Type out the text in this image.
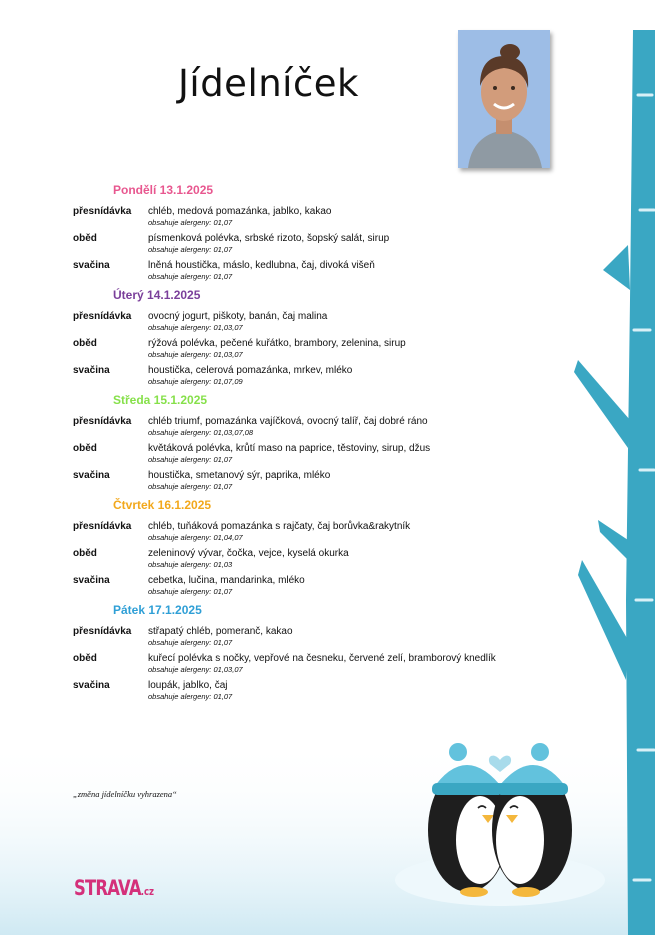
Jídelníček
Pondělí 13.1.2025
přesnídávka	chléb, medová pomazánka, jablko, kakao
obsahuje alergeny: 01,07
oběd	písmenková polévka, srbské rizoto, šopský salát, sirup
obsahuje alergeny: 01,07
svačina	lněná houstička, máslo, kedlubna, čaj, divoká višeň
obsahuje alergeny: 01,07
Úterý 14.1.2025
přesnídávka	ovocný jogurt, piškoty, banán, čaj malina
obsahuje alergeny: 01,03,07
oběd	rýžová polévka, pečené kuřátko, brambory, zelenina, sirup
obsahuje alergeny: 01,03,07
svačina	houstička, celerová pomazánka, mrkev, mléko
obsahuje alergeny: 01,07,09
Středa 15.1.2025
přesnídávka	chléb triumf, pomazánka vajíčková, ovocný talíř, čaj dobré ráno
obsahuje alergeny: 01,03,07,08
oběd	květáková polévka, krůtí maso na paprice, těstoviny, sirup, džus
obsahuje alergeny: 01,07
svačina	houstička, smetanový sýr, paprika, mléko
obsahuje alergeny: 01,07
Čtvrtek 16.1.2025
přesnídávka	chléb, tuňáková pomazánka s rajčaty, čaj borůvka&rakytník
obsahuje alergeny: 01,04,07
oběd	zeleninový vývar, čočka, vejce, kyselá okurka
obsahuje alergeny: 01,03
svačina	cebetka, lučina, mandarinka, mléko
obsahuje alergeny: 01,07
Pátek 17.1.2025
přesnídávka	střapatý chléb, pomeranč, kakao
obsahuje alergeny: 01,07
oběd	kuřecí polévka s nočky, vepřové na česneku, červené zelí, bramborový knedlík
obsahuje alergeny: 01,03,07
svačina	loupák, jablko, čaj
obsahuje alergeny: 01,07
„změna jídelníčku vyhrazena“
STRAVA.cz
